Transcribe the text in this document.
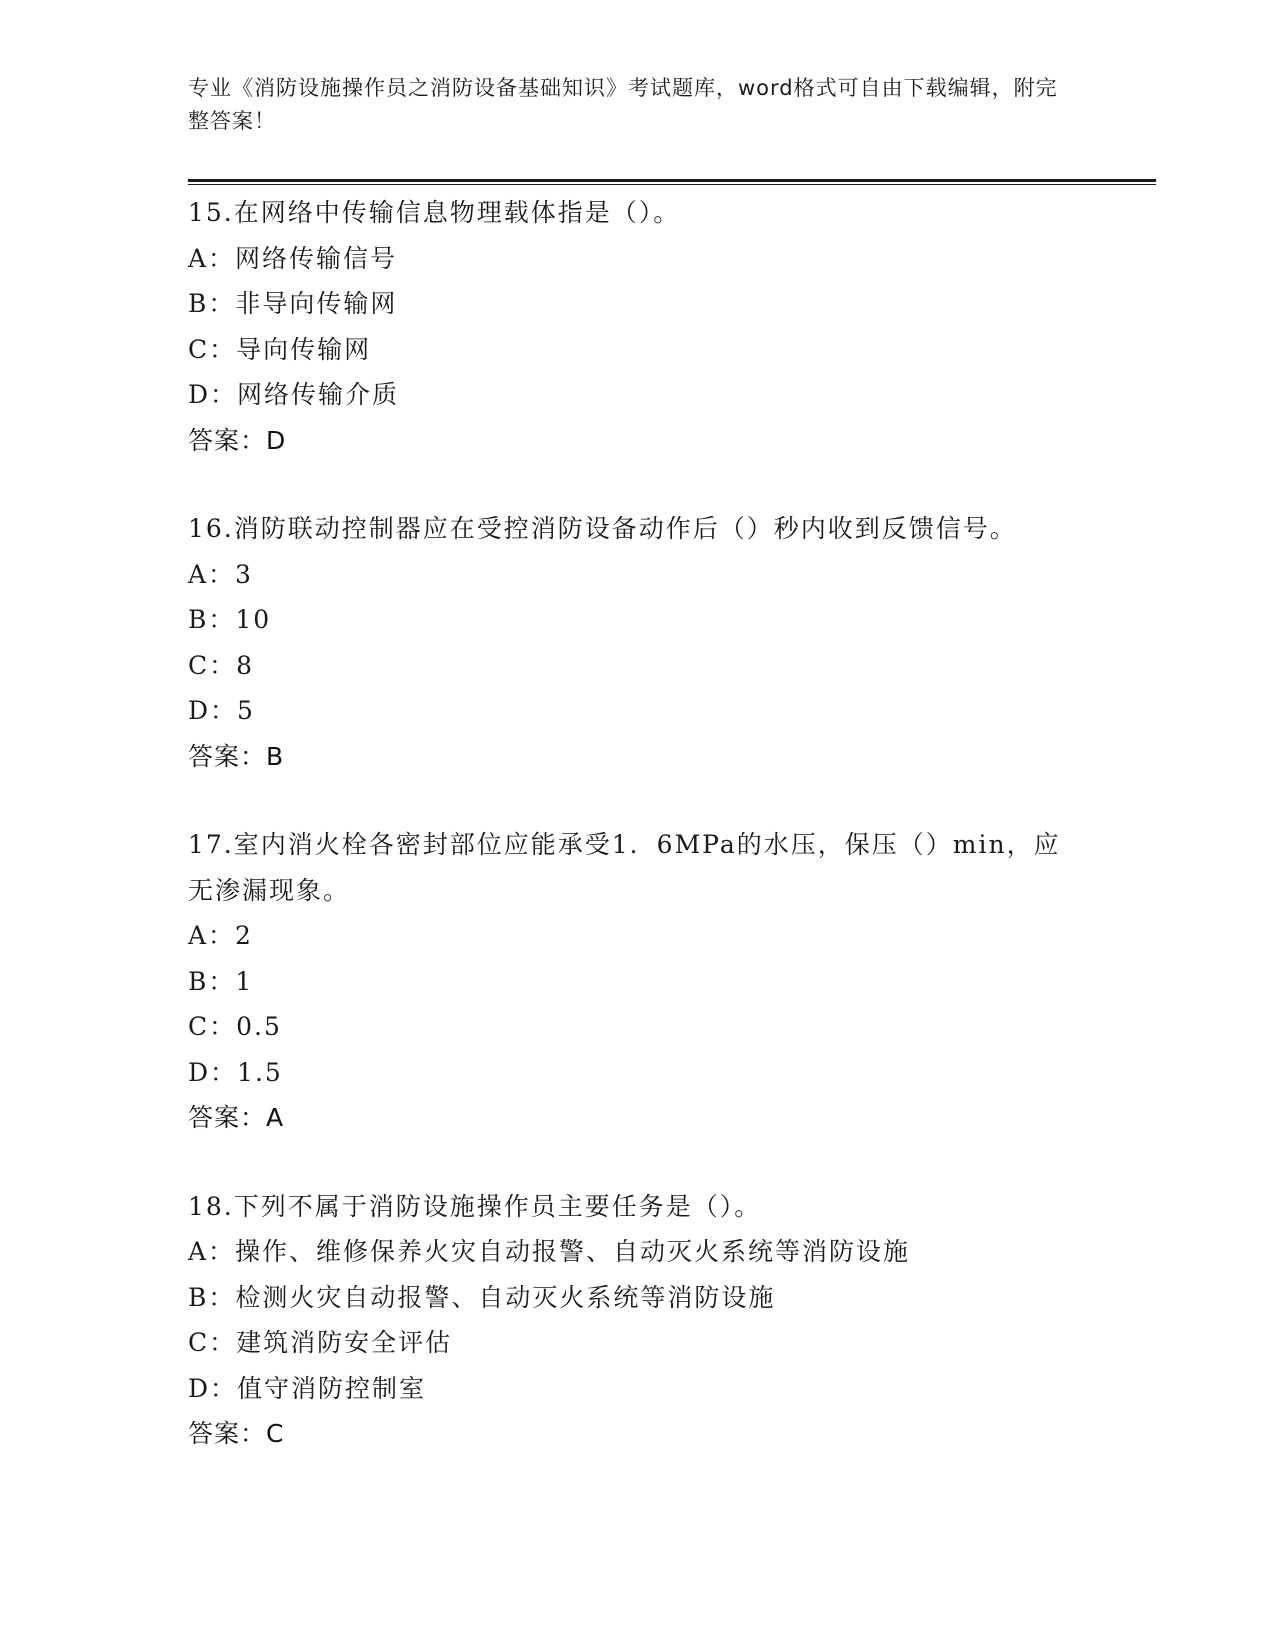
专业《消防设施操作员之消防设备基础知识》考试题库，word格式可自由下载编辑，附完整答案！
15.在网络中传输信息物理载体指是（）。
A：网络传输信号
B：非导向传输网
C：导向传输网
D：网络传输介质
答案：D
16.消防联动控制器应在受控消防设备动作后（）秒内收到反馈信号。
A：3
B：10
C：8
D：5
答案：B
17.室内消火栓各密封部位应能承受1．6MPa的水压，保压（）min，应无渗漏现象。
A：2
B：1
C：0.5
D：1.5
答案：A
18.下列不属于消防设施操作员主要任务是（）。
A：操作、维修保养火灾自动报警、自动灭火系统等消防设施
B：检测火灾自动报警、自动灭火系统等消防设施
C：建筑消防安全评估
D：值守消防控制室
答案：C
